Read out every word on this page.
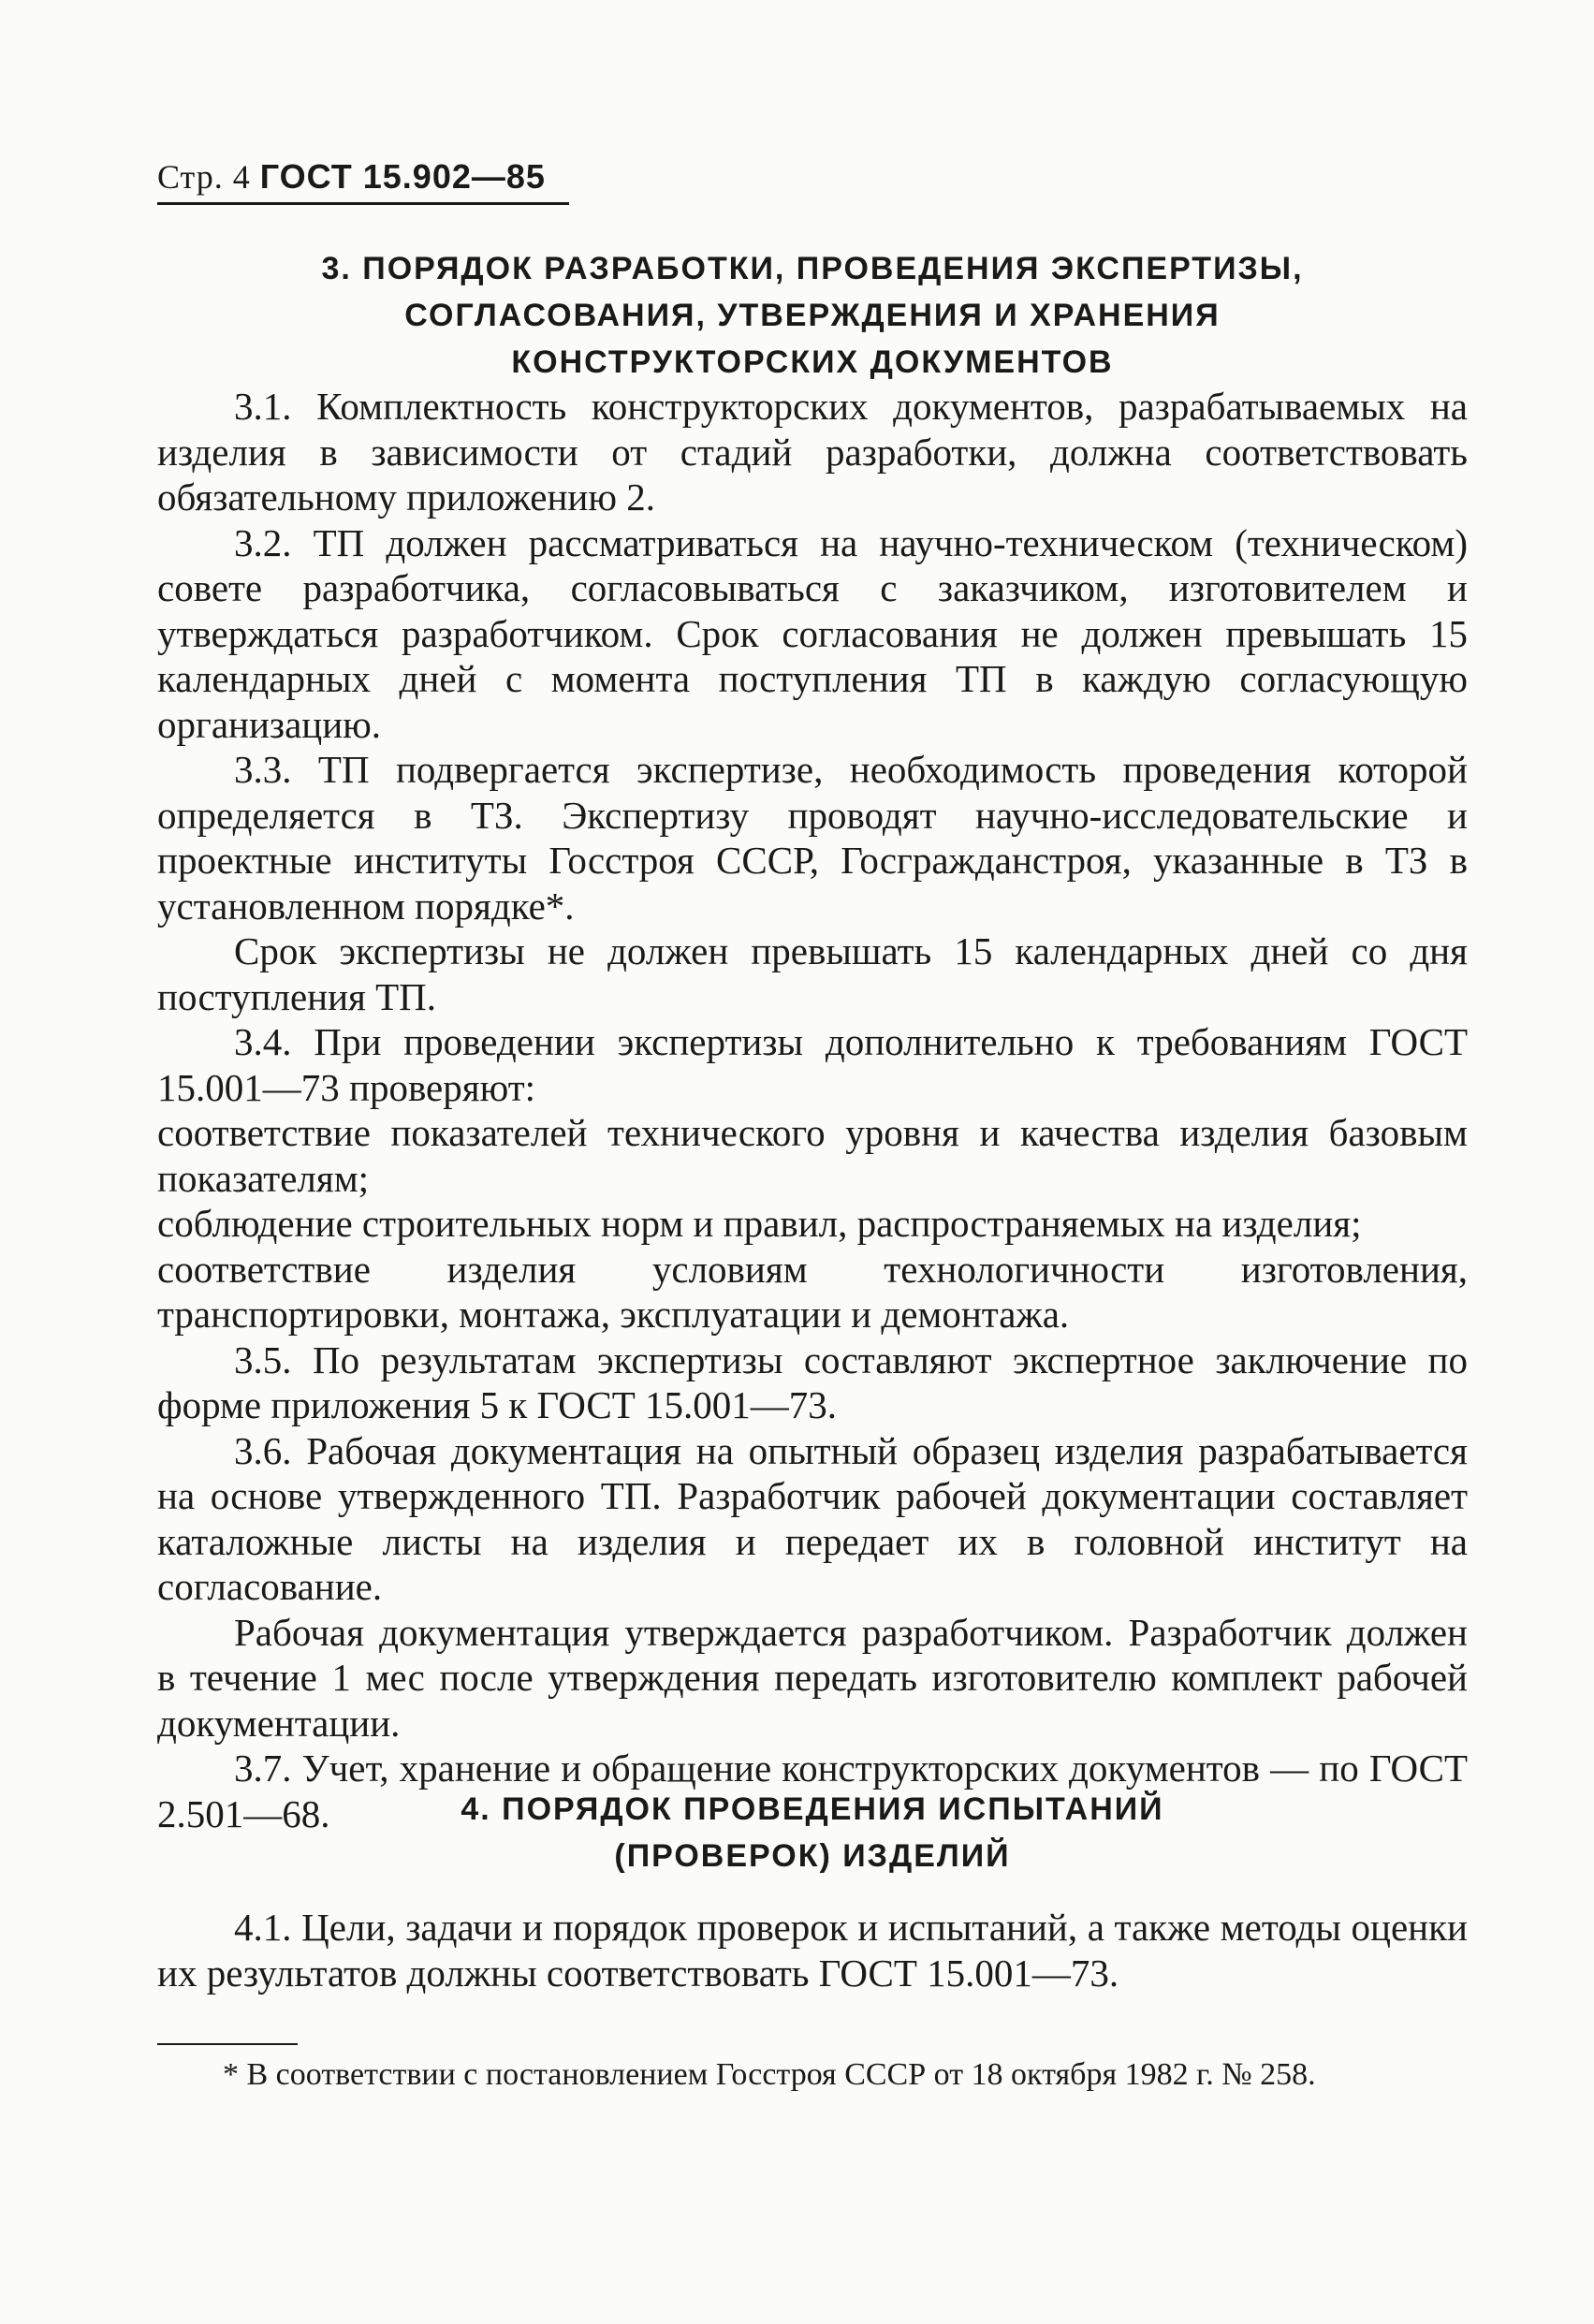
Стр. 4 ГОСТ 15.902—85
3. ПОРЯДОК РАЗРАБОТКИ, ПРОВЕДЕНИЯ ЭКСПЕРТИЗЫ,
СОГЛАСОВАНИЯ, УТВЕРЖДЕНИЯ И ХРАНЕНИЯ
КОНСТРУКТОРСКИХ ДОКУМЕНТОВ

3.1. Комплектность конструкторских документов, разрабатываемых на изделия в зависимости от стадий разработки, должна соответствовать обязательному приложению 2.

3.2. ТП должен рассматриваться на научно-техническом (техническом) совете разработчика, согласовываться с заказчиком, изготовителем и утверждаться разработчиком. Срок согласования не должен превышать 15 календарных дней с момента поступления ТП в каждую согласующую организацию.

3.3. ТП подвергается экспертизе, необходимость проведения которой определяется в ТЗ. Экспертизу проводят научно-исследовательские и проектные институты Госстроя СССР, Госгражданстроя, указанные в ТЗ в установленном порядке*.

Срок экспертизы не должен превышать 15 календарных дней со дня поступления ТП.

3.4. При проведении экспертизы дополнительно к требованиям ГОСТ 15.001—73 проверяют:

соответствие показателей технического уровня и качества изделия базовым показателям;

соблюдение строительных норм и правил, распространяемых на изделия;

соответствие изделия условиям технологичности изготовления, транспортировки, монтажа, эксплуатации и демонтажа.

3.5. По результатам экспертизы составляют экспертное заключение по форме приложения 5 к ГОСТ 15.001—73.

3.6. Рабочая документация на опытный образец изделия разрабатывается на основе утвержденного ТП. Разработчик рабочей документации составляет каталожные листы на изделия и передает их в головной институт на согласование.

Рабочая документация утверждается разработчиком. Разработчик должен в течение 1 мес после утверждения передать изготовителю комплект рабочей документации.

3.7. Учет, хранение и обращение конструкторских документов — по ГОСТ 2.501—68.	4. ПОРЯДОК ПРОВЕДЕНИЯ ИСПЫТАНИЙ
(ПРОВЕРОК) ИЗДЕЛИЙ

4.1. Цели, задачи и порядок проверок и испытаний, а также методы оценки их результатов должны соответствовать ГОСТ 15.001—73.

* В соответствии с постановлением Госстроя СССР от 18 октября 1982 г. № 258.
